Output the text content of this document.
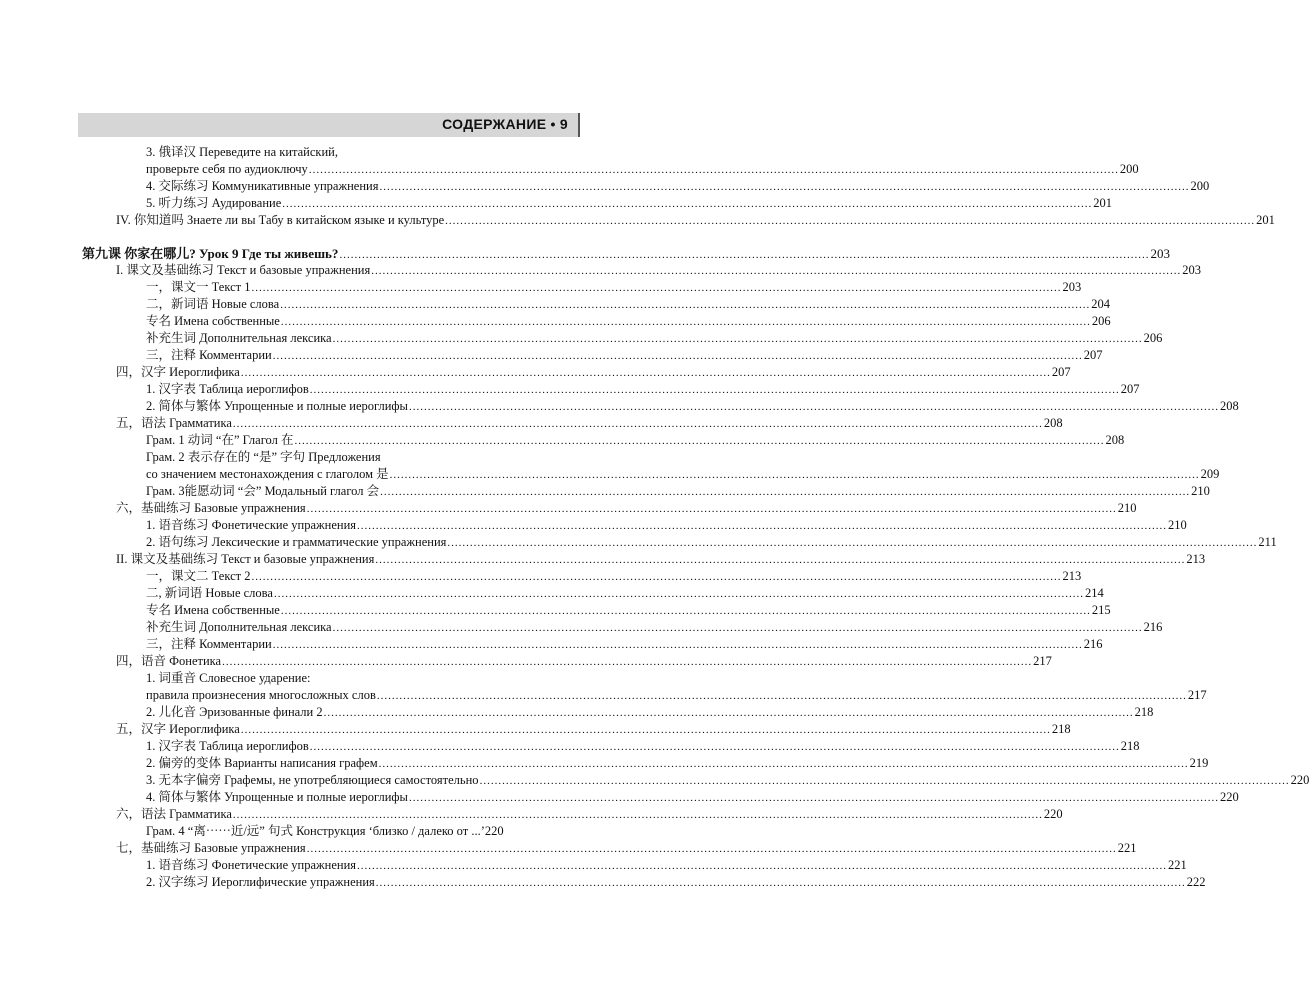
СОДЕРЖАНИЕ • 9
3. 俄译汉 Переведите на китайский,
проверьте себя по аудиоключу .....	200
4. 交际练习 Коммуникативные упражнения .....	200
5. 听力练习 Аудирование .....	201
IV. 你知道吗 Знаете ли вы Табу в китайском языке и культуре .....	201
第九课 你家在哪儿? Урок 9 Где ты живешь? .....	203
I. 课文及基础练习 Текст и базовые упражнения .....	203
一，课文一 Текст 1 .....	203
二，新词语 Новые слова .....	204
专名 Имена собственные .....	206
补充生词 Дополнительная лексика .....	206
三，注释 Комментарии .....	207
四，汉字 Иероглифика .....	207
1. 汉字表 Таблица иероглифов .....	207
2. 简体与繁体 Упрощенные и полные иероглифы .....	208
五，语法 Грамматика .....	208
Грам. 1 动词 “在” Глагол 在 .....	208
Грам. 2 表示存在的 “是” 字句 Предложения
со значением местонахождения с глаголом 是 .....	209
Грам. 3能愿动词 “会” Модальный глагол 会 .....	210
六，基础练习 Базовые упражнения .....	210
1. 语音练习 Фонетические упражнения .....	210
2. 语句练习 Лексические и грамматические упражнения .....	211
II. 课文及基础练习 Текст и базовые упражнения .....	213
一，课文二 Текст 2 .....	213
二, 新词语 Новые слова .....	214
专名 Имена собственные .....	215
补充生词 Дополнительная лексика .....	216
三，注释 Комментарии .....	216
四，语音 Фонетика .....	217
1. 词重音 Словесное ударение:
правила произнесения многосложных слов .....	217
2. 儿化音 Эризованные финали 2 .....	218
五，汉字 Иероглифика .....	218
1. 汉字表 Таблица иероглифов .....	218
2. 偏旁的变体 Варианты написания графем .....	219
3. 无本字偏旁 Графемы, не употребляющиеся самостоятельно .....	220
4. 简体与繁体 Упрощенные и полные иероглифы .....	220
六，语法 Грамматика .....	220
Грам. 4 “离⋯⋯近/远” 句式 Конструкция ‘близко / далеко от ...’ 220
七，基础练习 Базовые упражнения .....	221
1. 语音练习 Фонетические упражнения .....	221
2. 汉字练习 Иероглифические упражнения .....	222
